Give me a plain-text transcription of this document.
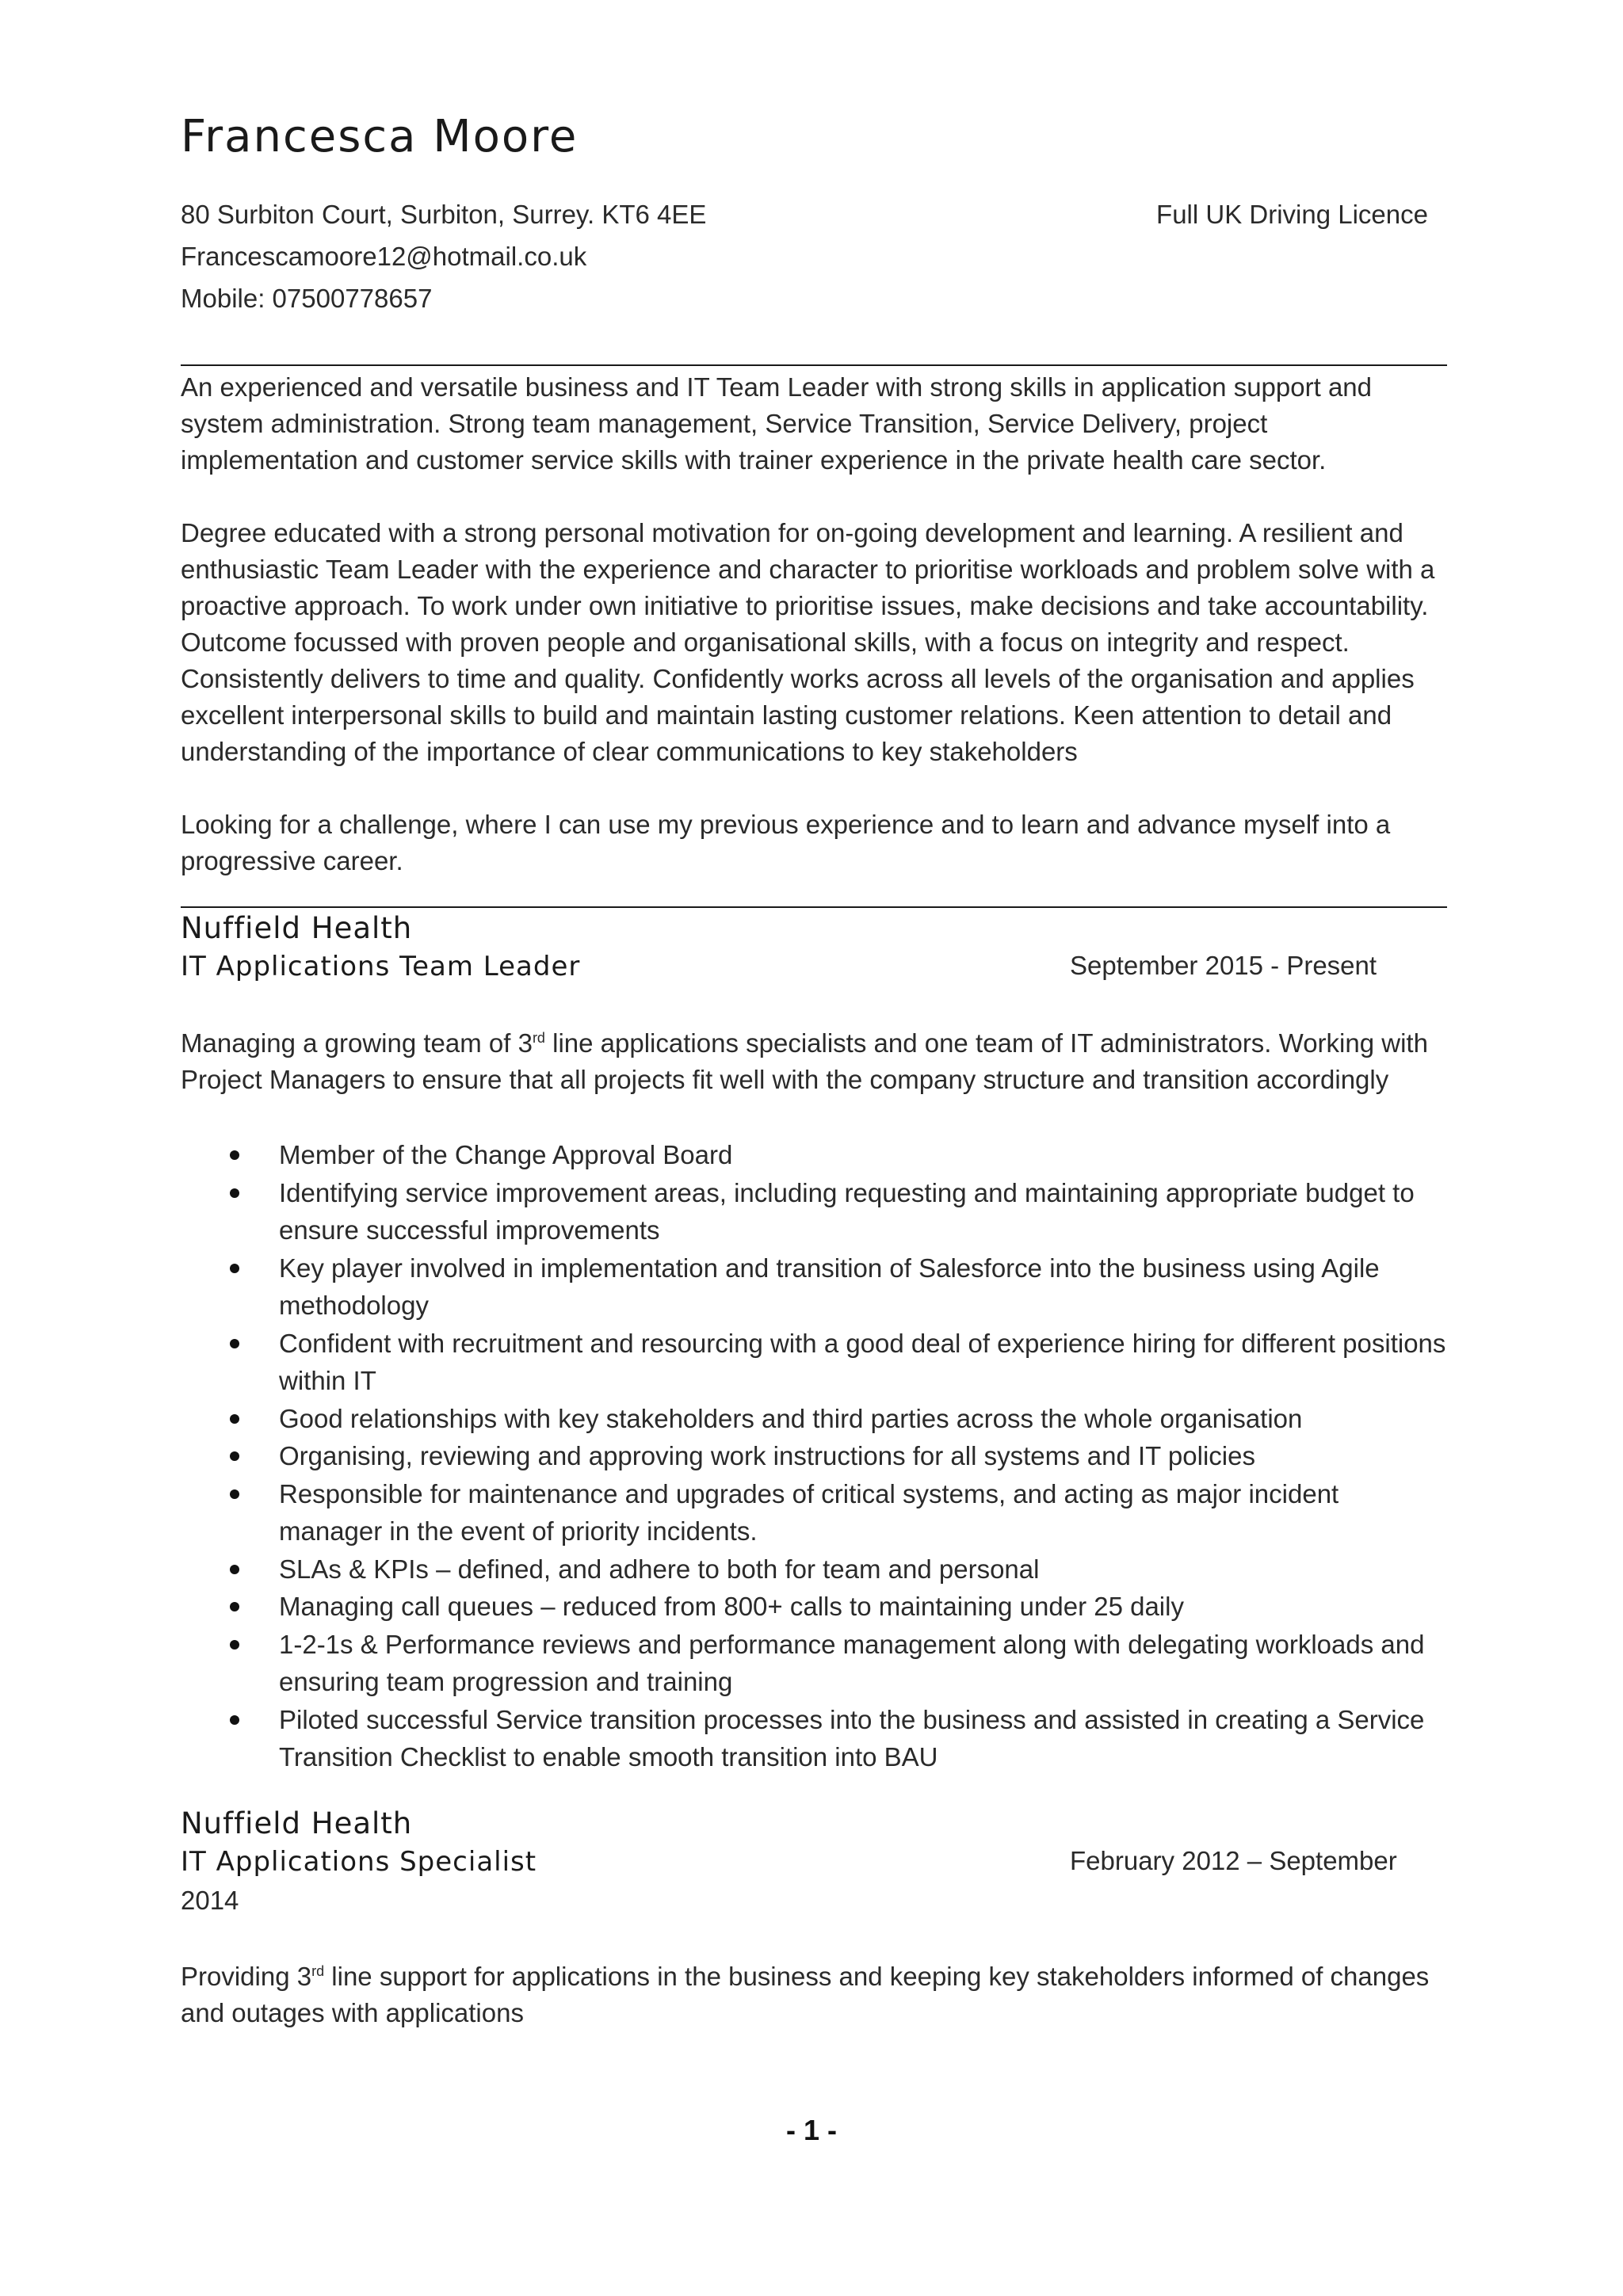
Francesca Moore
80 Surbiton Court, Surbiton, Surrey. KT6 4EE	Full UK Driving Licence
Francescamoore12@hotmail.co.uk
Mobile: 07500778657

An experienced and versatile business and IT Team Leader with strong skills in application support and system administration. Strong team management, Service Transition, Service Delivery, project implementation and customer service skills with trainer experience in the private health care sector.

Degree educated with a strong personal motivation for on-going development and learning. A resilient and enthusiastic Team Leader with the experience and character to prioritise workloads and problem solve with a proactive approach. To work under own initiative to prioritise issues, make decisions and take accountability. Outcome focussed with proven people and organisational skills, with a focus on integrity and respect. Consistently delivers to time and quality. Confidently works across all levels of the organisation and applies excellent interpersonal skills to build and maintain lasting customer relations. Keen attention to detail and understanding of the importance of clear communications to key stakeholders

Looking for a challenge, where I can use my previous experience and to learn and advance myself into a progressive career.

Nuffield Health
IT Applications Team Leader	September 2015 - Present

Managing a growing team of 3rd line applications specialists and one team of IT administrators. Working with Project Managers to ensure that all projects fit well with the company structure and transition accordingly

Member of the Change Approval Board
Identifying service improvement areas, including requesting and maintaining appropriate budget to ensure successful improvements
Key player involved in implementation and transition of Salesforce into the business using Agile methodology
Confident with recruitment and resourcing with a good deal of experience hiring for different positions within IT
Good relationships with key stakeholders and third parties across the whole organisation
Organising, reviewing and approving work instructions for all systems and IT policies
Responsible for maintenance and upgrades of critical systems, and acting as major incident manager in the event of priority incidents.
SLAs & KPIs – defined, and adhere to both for team and personal
Managing call queues – reduced from 800+ calls to maintaining under 25 daily
1-2-1s & Performance reviews and performance management along with delegating workloads and ensuring team progression and training
Piloted successful Service transition processes into the business and assisted in creating a Service Transition Checklist to enable smooth transition into BAU
Nuffield Health
IT Applications Specialist	February 2012 – September
2014

Providing 3rd line support for applications in the business and keeping key stakeholders informed of changes and outages with applications

- 1 -
